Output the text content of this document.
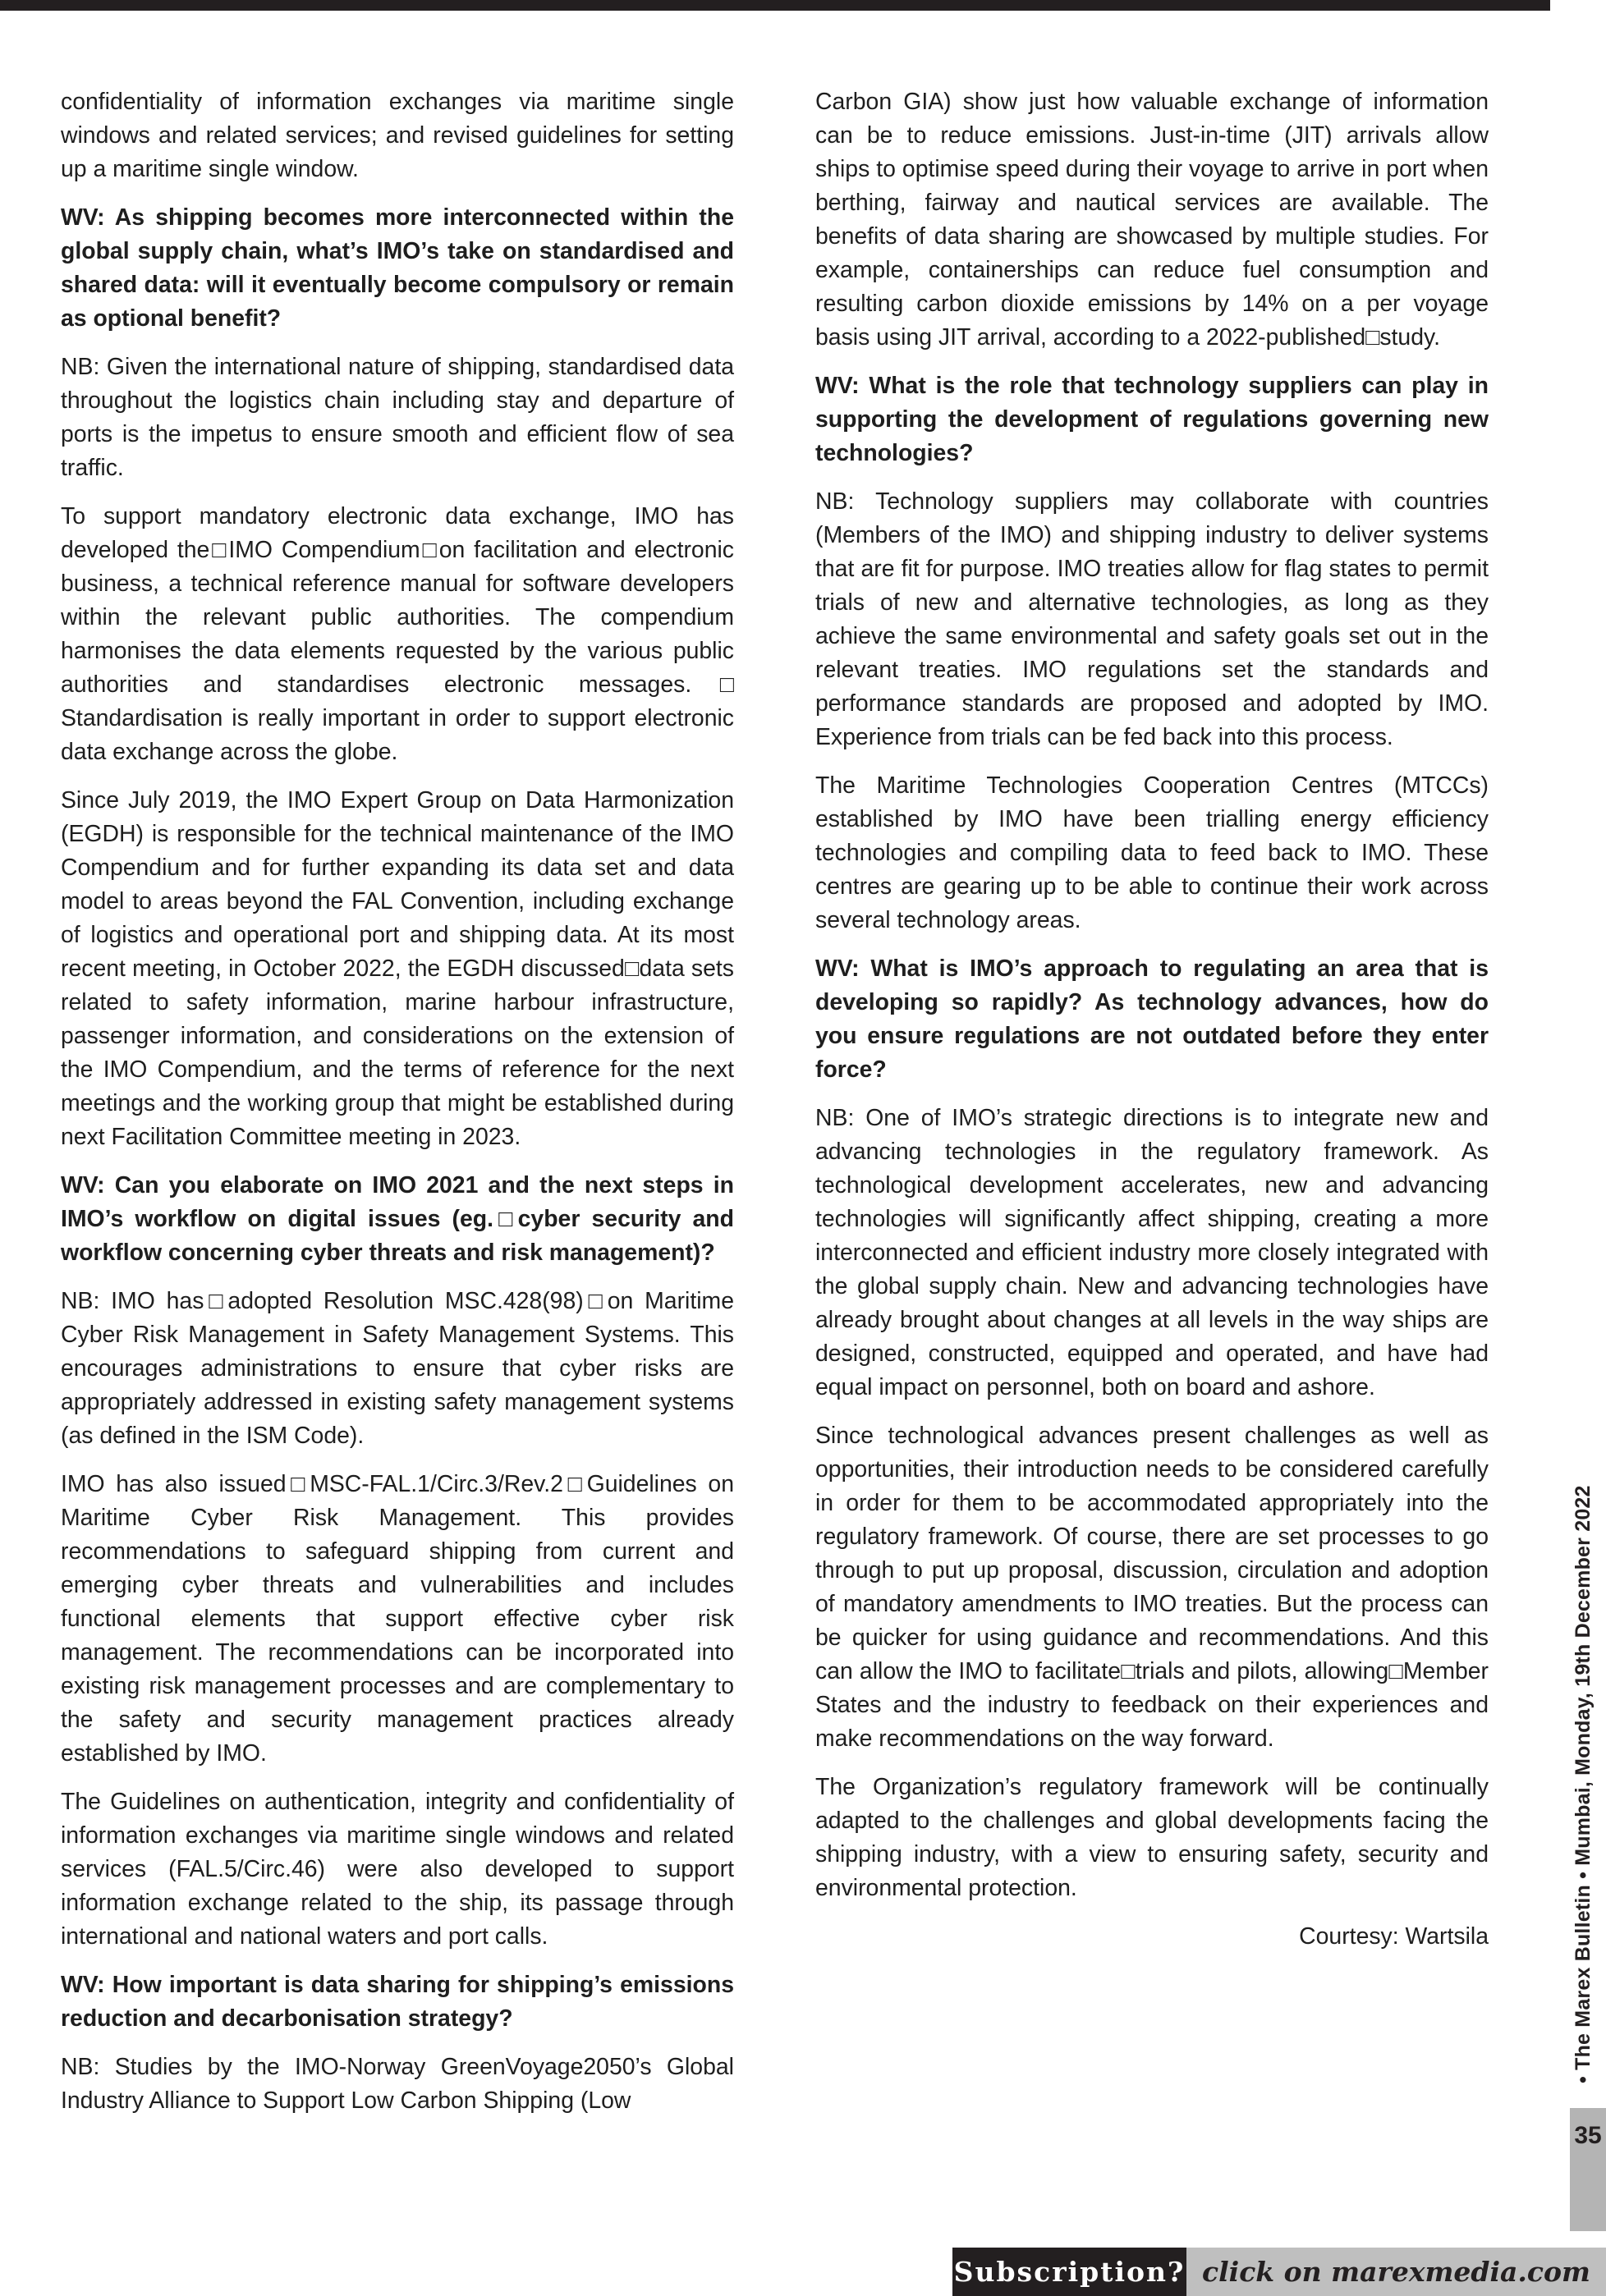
confidentiality of information exchanges via maritime single windows and related services; and revised guidelines for setting up a maritime single window.

WV: As shipping becomes more interconnected within the global supply chain, what’s IMO’s take on standardised and shared data: will it eventually become compulsory or remain as optional benefit?

NB: Given the international nature of shipping, standardised data throughout the logistics chain including stay and departure of ports is the impetus to ensure smooth and efficient flow of sea traffic.

To support mandatory electronic data exchange, IMO has developed the□IMO Compendium□on facilitation and electronic business, a technical reference manual for software developers within the relevant public authorities. The compendium harmonises the data elements requested by the various public authorities and standardises electronic messages.□ Standardisation is really important in order to support electronic data exchange across the globe.

Since July 2019, the IMO Expert Group on Data Harmonization (EGDH) is responsible for the technical maintenance of the IMO Compendium and for further expanding its data set and data model to areas beyond the FAL Convention, including exchange of logistics and operational port and shipping data. At its most recent meeting, in October 2022, the EGDH discussed□data sets related to safety information, marine harbour infrastructure, passenger information, and considerations on the extension of the IMO Compendium, and the terms of reference for the next meetings and the working group that might be established during next Facilitation Committee meeting in 2023.

WV: Can you elaborate on IMO 2021 and the next steps in IMO’s workflow on digital issues (eg.□cyber security and workflow concerning cyber threats and risk management)?

NB: IMO has□adopted Resolution MSC.428(98)□on Maritime Cyber Risk Management in Safety Management Systems. This encourages administrations to ensure that cyber risks are appropriately addressed in existing safety management systems (as defined in the ISM Code).

IMO has also issued□MSC-FAL.1/Circ.3/Rev.2□Guidelines on Maritime Cyber Risk Management. This provides recommendations to safeguard shipping from current and emerging cyber threats and vulnerabilities and includes functional elements that support effective cyber risk management. The recommendations can be incorporated into existing risk management processes and are complementary to the safety and security management practices already established by IMO.

The Guidelines on authentication, integrity and confidentiality of information exchanges via maritime single windows and related services (FAL.5/Circ.46) were also developed to support information exchange related to the ship, its passage through international and national waters and port calls.

WV: How important is data sharing for shipping’s emissions reduction and decarbonisation strategy?

NB: Studies by the IMO-Norway GreenVoyage2050’s Global Industry Alliance to Support Low Carbon Shipping (Low

Carbon GIA) show just how valuable exchange of information can be to reduce emissions. Just-in-time (JIT) arrivals allow ships to optimise speed during their voyage to arrive in port when berthing, fairway and nautical services are available. The benefits of data sharing are showcased by multiple studies. For example, containerships can reduce fuel consumption and resulting carbon dioxide emissions by 14% on a per voyage basis using JIT arrival, according to a 2022-published□study.

WV: What is the role that technology suppliers can play in supporting the development of regulations governing new technologies?

NB: Technology suppliers may collaborate with countries (Members of the IMO) and shipping industry to deliver systems that are fit for purpose. IMO treaties allow for flag states to permit trials of new and alternative technologies, as long as they achieve the same environmental and safety goals set out in the relevant treaties. IMO regulations set the standards and performance standards are proposed and adopted by IMO. Experience from trials can be fed back into this process.

The Maritime Technologies Cooperation Centres (MTCCs) established by IMO have been trialling energy efficiency technologies and compiling data to feed back to IMO. These centres are gearing up to be able to continue their work across several technology areas.

WV: What is IMO’s approach to regulating an area that is developing so rapidly? As technology advances, how do you ensure regulations are not outdated before they enter force?

NB: One of IMO’s strategic directions is to integrate new and advancing technologies in the regulatory framework. As technological development accelerates, new and advancing technologies will significantly affect shipping, creating a more interconnected and efficient industry more closely integrated with the global supply chain. New and advancing technologies have already brought about changes at all levels in the way ships are designed, constructed, equipped and operated, and have had equal impact on personnel, both on board and ashore.

Since technological advances present challenges as well as opportunities, their introduction needs to be considered carefully in order for them to be accommodated appropriately into the regulatory framework. Of course, there are set processes to go through to put up proposal, discussion, circulation and adoption of mandatory amendments to IMO treaties. But the process can be quicker for using guidance and recommendations. And this can allow the IMO to facilitate□trials and pilots, allowing□Member States and the industry to feedback on their experiences and make recommendations on the way forward.

The Organization’s regulatory framework will be continually adapted to the challenges and global developments facing the shipping industry, with a view to ensuring safety, security and environmental protection.

Courtesy: Wartsila	• The Marex Bulletin • Mumbai, Monday, 19th December 2022
35
Subscription? click on marexmedia.com
